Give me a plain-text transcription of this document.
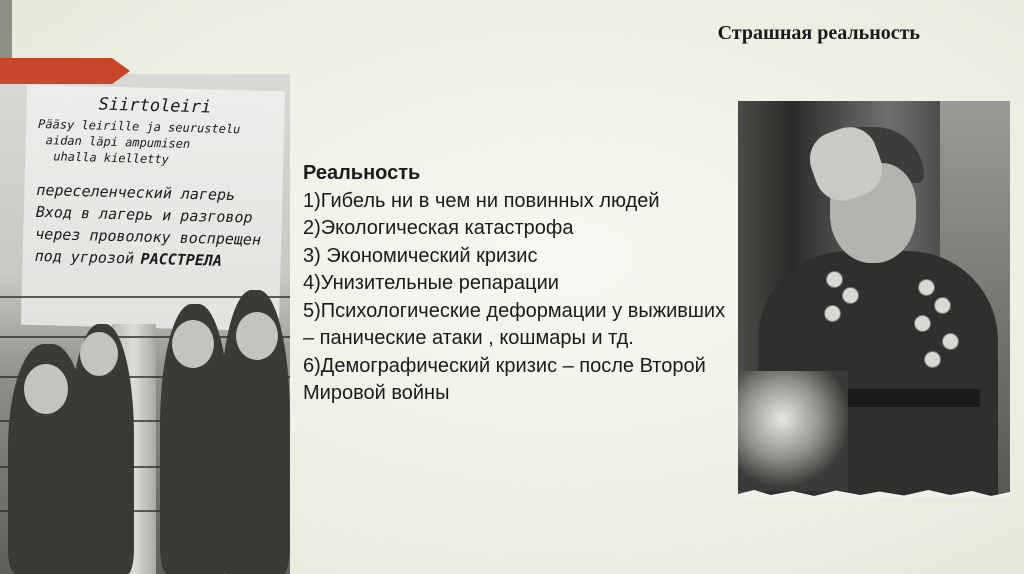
Siirtoleiri

Pääsy leirille ja seurustelu

aidan läpi ampumisen

uhalla kielletty

переселенческий лагерь

Вход в лагерь и разговор

через проволоку воспрещен

под угрозой РАССТРЕЛА

Страшная реальность
Реальность

1)Гибель ни в чем ни повинных людей

2)Экологическая катастрофа

3) Экономический кризис

4)Унизительные репарации

5)Психологические деформации у выживших – панические атаки , кошмары и тд.

6)Демографический кризис – после Второй Мировой войны
